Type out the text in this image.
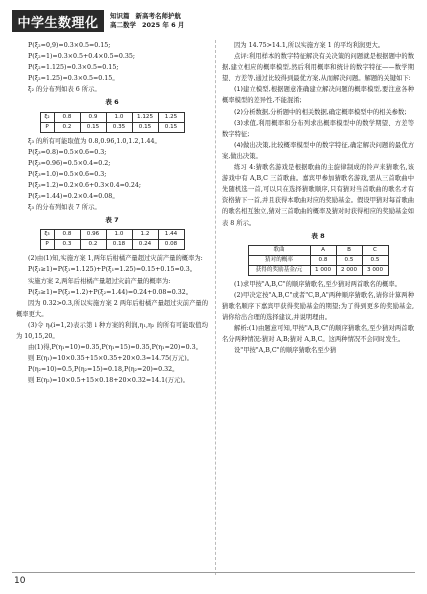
中学生数理化	知识篇 新高考名师护航
高二数学 2025 年 6 月
P(ξ₂=0,9)=0.3×0.5=0.15;
P(ξ₂=1)=0.3×0.5+0.4×0.5=0.35;
P(ξ₂=1.125)=0.3×0.5=0.15;
P(ξ₂=1.25)=0.3×0.5=0.15。
ξ₂ 的分布列如表 6 所示。
表 6
ξ₂	0.8	0.9	1.0	1.125	1.25
P	0.2	0.15	0.35	0.15	0.15
ξ₃ 的所有可能取值为 0.8,0.96,1.0,1.2,1.44。
P(ξ₃=0.8)=0.5×0.6=0.3;
P(ξ₃=0.96)=0.5×0.4=0.2;
P(ξ₃=1.0)=0.5×0.6=0.3;
P(ξ₃=1.2)=0.2×0.6+0.3×0.4=0.24;
P(ξ₃=1.44)=0.2×0.4=0.08。
ξ₃ 的分布列如表 7 所示。
表 7
ξ₃	0.8	0.96	1.0	1.2	1.44
P	0.3	0.2	0.18	0.24	0.08
(2)由(1)知,实施方案 1,两年后柑橘产量超过灾前产量的概率为:
P(ξ₁≥1)=P(ξ₁=1.125)+P(ξ₁=1.25)=0.15+0.15=0.3。
实施方案 2,两年后柑橘产量超过灾前产量的概率为:
P(ξ₂≥1)=P(ξ₂=1.2)+P(ξ₂=1.44)=0.24+0.08=0.32。
因为 0.32>0.3,所以实施方案 2 两年后柑橘产量超过灾前产量的概率更大。
(3)令 ηᵢ(i=1,2)表示第 i 种方案的利润,η₁,η₂ 的所有可能取值均为 10,15,20。
由(1)得,P(η₁=10)=0.35,P(η₁=15)=0.35,P(η₁=20)=0.3。
则 E(η₁)=10×0.35+15×0.35+20×0.3=14.75(万元)。
P(η₂=10)=0.5,P(η₂=15)=0.18,P(η₂=20)=0.32。
则 E(η₂)=10×0.5+15×0.18+20×0.32=14.1(万元)。
因为 14.75>14.1,所以实施方案 1 的平均利润更大。
点评:利用样本的数字特征解决有关决策的问题就是根据题中的数据,建立相应的概率模型,然后利用概率和统计的数字特征——数学期望、方差等,通过比较得到最优方案,从而解决问题。解题的关键如下:
(1)建立模型,根据题意准确建立解决问题的概率模型,要注意各种概率模型的差异性,不能混淆;
(2)分析数据,分析题中的相关数据,确定概率模型中的相关参数;
(3)求值,利用概率和分布列求出概率模型中的数学期望、方差等数字特征;
(4)做出决策,比较概率模型中的数字特征,确定解决问题的最优方案,做出决策。
练习 4:猜歌名游戏是根据歌曲的主旋律制成的铃声来猜歌名,该游戏中有 A,B,C 三首歌曲。嘉宾甲参加猜歌名游戏,需从三首歌曲中先随机选一首,可以只在选择猜歌顺序,只有猜对当首歌曲的歌名才有资格猜下一首,并且获得本歌曲对应的奖励基金。假设甲猜对每首歌曲的歌名相互独立,猜对三首歌曲的概率及猜对时获得相应的奖励基金如表 8 所示。
表 8
歌曲	A	B	C
猜对的概率	0.8	0.5	0.5
获得的奖励基金/元	1 000	2 000	3 000
(1)求甲按"A,B,C"的顺序猜歌名,至少猜对两首歌名的概率。
(2)甲决定按"A,B,C"或者"C,B,A"两种顺序猜歌名,请你计算两种猜歌名顺序下嘉宾甲获得奖励基金的期望;为了得到更多的奖励基金,请你给出合理的选择建议,并说明理由。
解析:(1)由题意可知,甲按"A,B,C"的顺序猜歌名,至少猜对两首歌名分两种情况:猜对 A,B;猜对 A,B,C。这两种情况不会同时发生。
设"甲按"A,B,C"的顺序猜歌名至少猜
10
